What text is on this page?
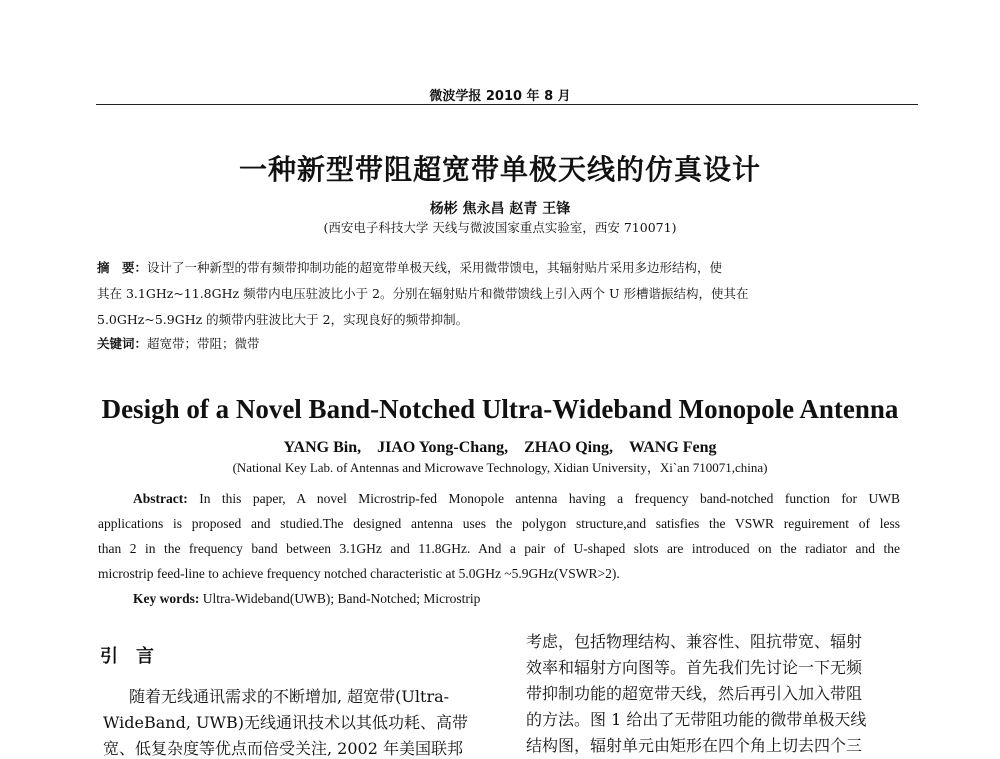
微波学报 2010 年 8 月
一种新型带阻超宽带单极天线的仿真设计
杨彬 焦永昌 赵青 王锋
(西安电子科技大学 天线与微波国家重点实验室，西安 710071)
摘　要：设计了一种新型的带有频带抑制功能的超宽带单极天线，采用微带馈电，其辐射贴片采用多边形结构，使
其在 3.1GHz~11.8GHz 频带内电压驻波比小于 2。分别在辐射贴片和微带馈线上引入两个 U 形槽谐振结构，使其在
5.0GHz~5.9GHz 的频带内驻波比大于 2，实现良好的频带抑制。
关键词：超宽带；带阻；微带
Desigh of a Novel Band-Notched Ultra-Wideband Monopole Antenna
YANG Bin,　JIAO Yong-Chang,　ZHAO Qing,　WANG Feng
(National Key Lab. of Antennas and Microwave Technology, Xidian University，Xi`an 710071,china)
Abstract: In this paper, A novel Microstrip-fed Monopole antenna having a frequency band-notched function for UWB
applications is proposed and studied.The designed antenna uses the polygon structure,and satisfies the VSWR reguirement of less
than 2 in the frequency band between 3.1GHz and 11.8GHz. And a pair of U-shaped slots are introduced on the radiator and the
microstrip feed-line to achieve frequency notched characteristic at 5.0GHz ~5.9GHz(VSWR>2).
Key words: Ultra-Wideband(UWB); Band-Notched; Microstrip
引　言
随着无线通讯需求的不断增加, 超宽带(Ultra-
WideBand, UWB)无线通讯技术以其低功耗、高带
宽、低复杂度等优点而倍受关注, 2002 年美国联邦
考虑，包括物理结构、兼容性、阻抗带宽、辐射
效率和辐射方向图等。首先我们先讨论一下无频
带抑制功能的超宽带天线，然后再引入加入带阻
的方法。图 1 给出了无带阻功能的微带单极天线
结构图，辐射单元由矩形在四个角上切去四个三
